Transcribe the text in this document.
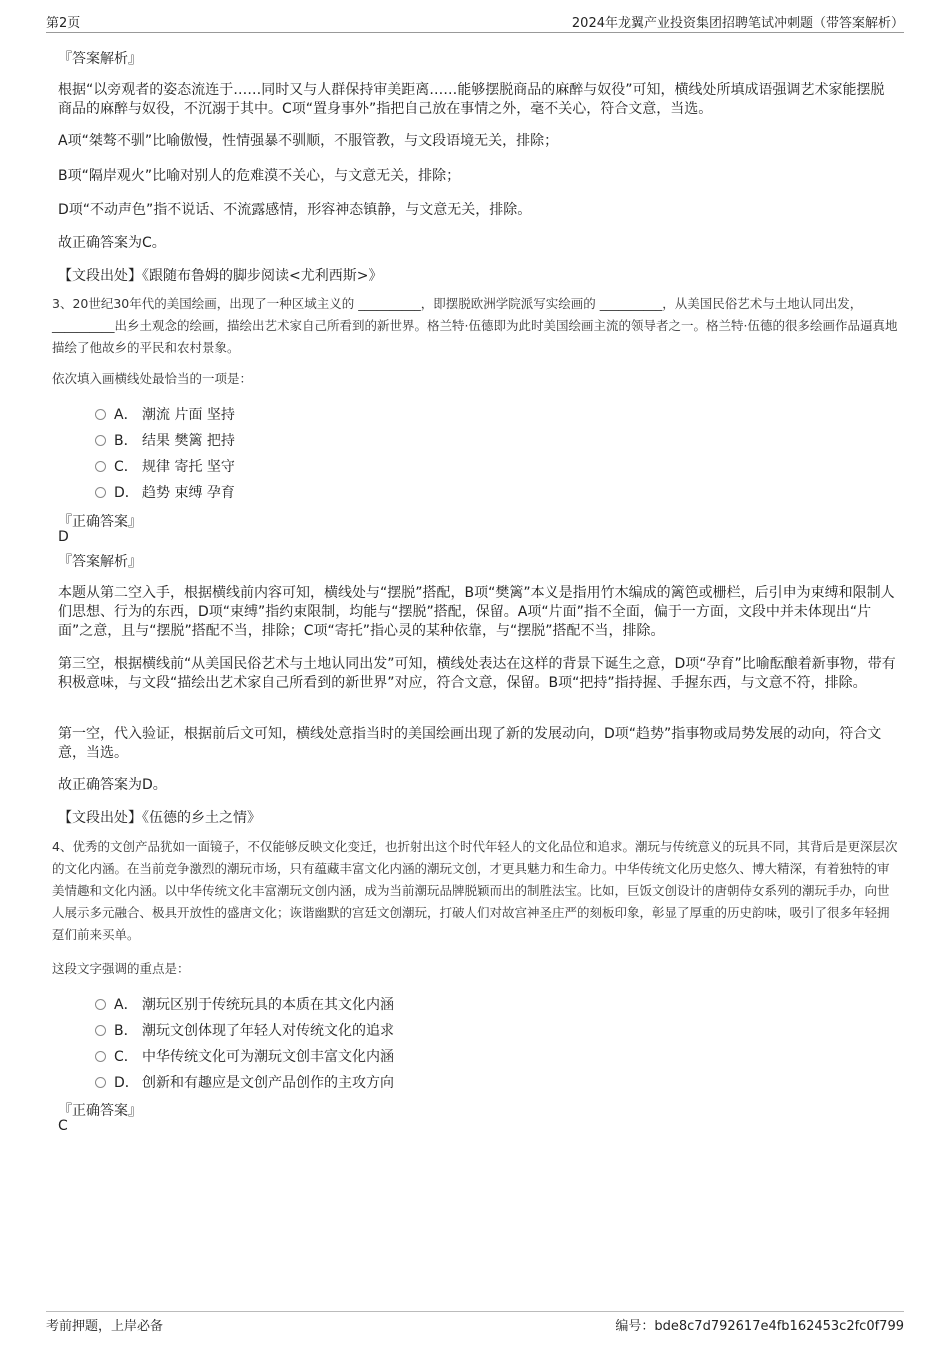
第2页	2024年龙翼产业投资集团招聘笔试冲刺题（带答案解析）
『答案解析』

根据“以旁观者的姿态流连于……同时又与人群保持审美距离……能够摆脱商品的麻醉与奴役”可知，横线处所填成语强调艺术家能摆脱商品的麻醉与奴役，不沉溺于其中。C项“置身事外”指把自己放在事情之外，毫不关心，符合文意，当选。

A项“桀骜不驯”比喻傲慢，性情强暴不驯顺，不服管教，与文段语境无关，排除；

B项“隔岸观火”比喻对别人的危难漠不关心，与文意无关，排除；

D项“不动声色”指不说话、不流露感情，形容神态镇静，与文意无关，排除。

故正确答案为C。

【文段出处】《跟随布鲁姆的脚步阅读<尤利西斯>》

3、20世纪30年代的美国绘画，出现了一种区域主义的 __________，即摆脱欧洲学院派写实绘画的 __________，从美国民俗艺术与土地认同出发， __________出乡土观念的绘画，描绘出艺术家自己所看到的新世界。格兰特·伍德即为此时美国绘画主流的领导者之一。格兰特·伍德的很多绘画作品逼真地描绘了他故乡的平民和农村景象。

依次填入画横线处最恰当的一项是：
A． 潮流 片面 坚持
B． 结果 樊篱 把持
C． 规律 寄托 坚守
D． 趋势 束缚 孕育
『正确答案』
D
『答案解析』

本题从第二空入手，根据横线前内容可知，横线处与“摆脱”搭配，B项“樊篱”本义是指用竹木编成的篱笆或栅栏，后引申为束缚和限制人们思想、行为的东西，D项“束缚”指约束限制，均能与“摆脱”搭配，保留。A项“片面”指不全面，偏于一方面，文段中并未体现出“片面”之意，且与“摆脱”搭配不当，排除；C项“寄托”指心灵的某种依靠，与“摆脱”搭配不当，排除。

第三空，根据横线前“从美国民俗艺术与土地认同出发”可知，横线处表达在这样的背景下诞生之意，D项“孕育”比喻酝酿着新事物，带有积极意味，与文段“描绘出艺术家自己所看到的新世界”对应，符合文意，保留。B项“把持”指持握、手握东西，与文意不符，排除。

第一空，代入验证，根据前后文可知，横线处意指当时的美国绘画出现了新的发展动向，D项“趋势”指事物或局势发展的动向，符合文意，当选。

故正确答案为D。

【文段出处】《伍德的乡土之情》

4、优秀的文创产品犹如一面镜子，不仅能够反映文化变迁，也折射出这个时代年轻人的文化品位和追求。潮玩与传统意义的玩具不同，其背后是更深层次的文化内涵。在当前竞争激烈的潮玩市场，只有蕴藏丰富文化内涵的潮玩文创，才更具魅力和生命力。中华传统文化历史悠久、博大精深，有着独特的审美情趣和文化内涵。以中华传统文化丰富潮玩文创内涵，成为当前潮玩品牌脱颖而出的制胜法宝。比如，巨饭文创设计的唐朝侍女系列的潮玩手办，向世人展示多元融合、极具开放性的盛唐文化；诙谐幽默的宫廷文创潮玩，打破人们对故宫神圣庄严的刻板印象，彰显了厚重的历史韵味，吸引了很多年轻拥趸们前来买单。

这段文字强调的重点是：
A． 潮玩区别于传统玩具的本质在其文化内涵
B． 潮玩文创体现了年轻人对传统文化的追求
C． 中华传统文化可为潮玩文创丰富文化内涵
D． 创新和有趣应是文创产品创作的主攻方向
『正确答案』
C
考前押题，上岸必备	编号：bde8c7d792617e4fb162453c2fc0f799
